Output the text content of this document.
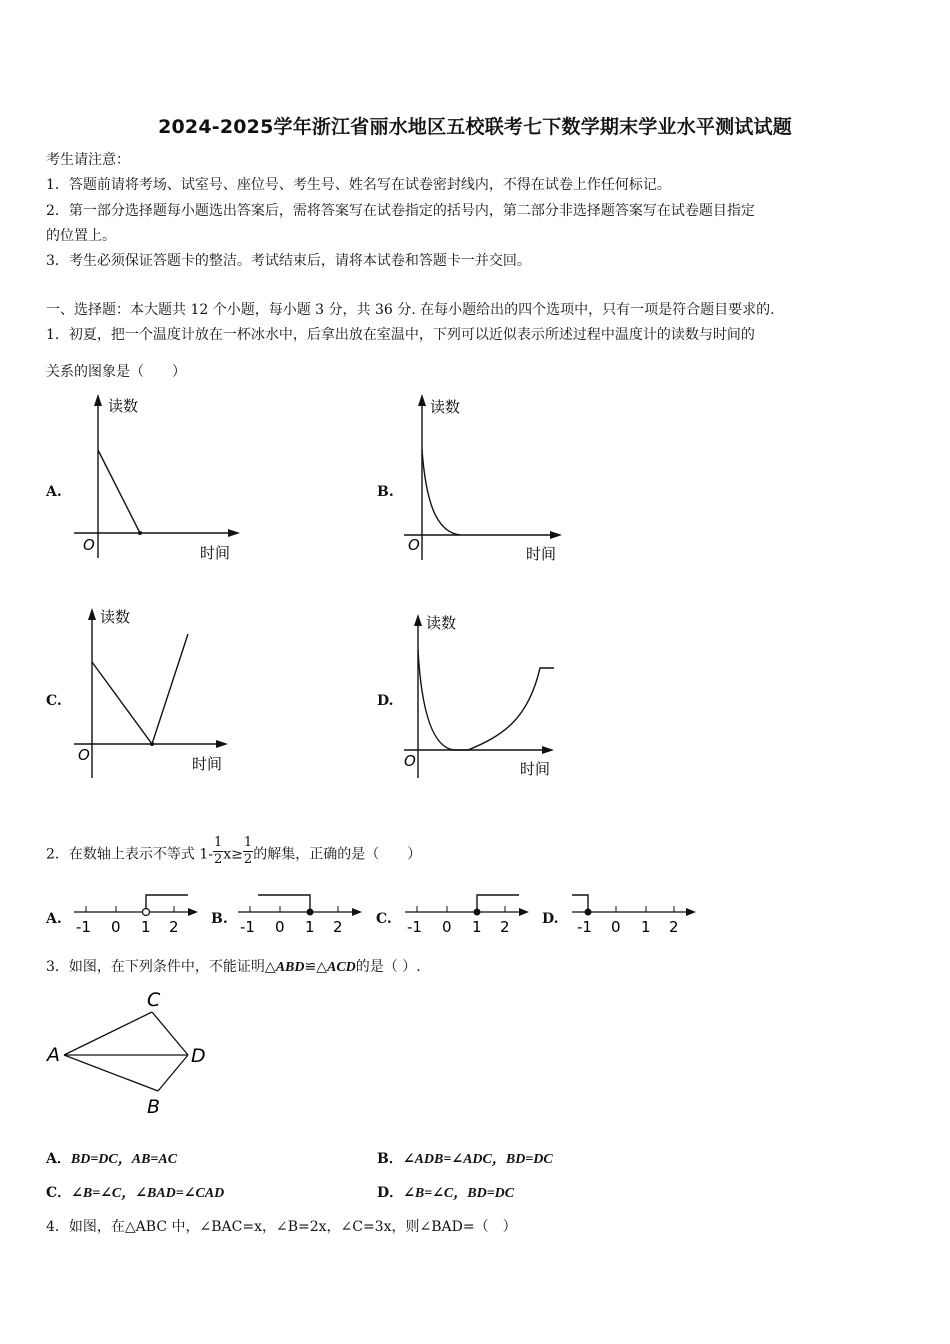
2024-2025学年浙江省丽水地区五校联考七下数学期末学业水平测试试题
考生请注意：
1．答题前请将考场、试室号、座位号、考生号、姓名写在试卷密封线内，不得在试卷上作任何标记。
2．第一部分选择题每小题选出答案后，需将答案写在试卷指定的括号内，第二部分非选择题答案写在试卷题目指定
的位置上。
3．考生必须保证答题卡的整洁。考试结束后，请将本试卷和答题卡一并交回。
一、选择题：本大题共 12 个小题，每小题 3 分，共 36 分. 在每小题给出的四个选项中，只有一项是符合题目要求的.
1．初夏，把一个温度计放在一杯冰水中，后拿出放在室温中，下列可以近似表示所述过程中温度计的读数与时间的
关系的图象是（　　）
A.
读数
时间
O
B.
读数
时间
O
C.
读数
时间
O
D.
读数
时间
O
2．在数轴上表示不等式 $1- \frac{1}{2} x\ge \frac{1}{2}$ 的解集，正确的是（　　）
A. -1 0 1 2 B. -1 0 1 2 C. -1 0 1 2 D. -1 0 1 2
3．如图，在下列条件中，不能证明△ABD≌△ACD的是（ ）.
C
A	D
B
A．BD=DC，AB=AC	B．∠ADB=∠ADC，BD=DC
C．∠B=∠C，∠BAD=∠CAD	D．∠B=∠C，BD=DC
4．如图，在△ABC 中，∠BAC=x，∠B=2x，∠C=3x，则∠BAD=（　）
